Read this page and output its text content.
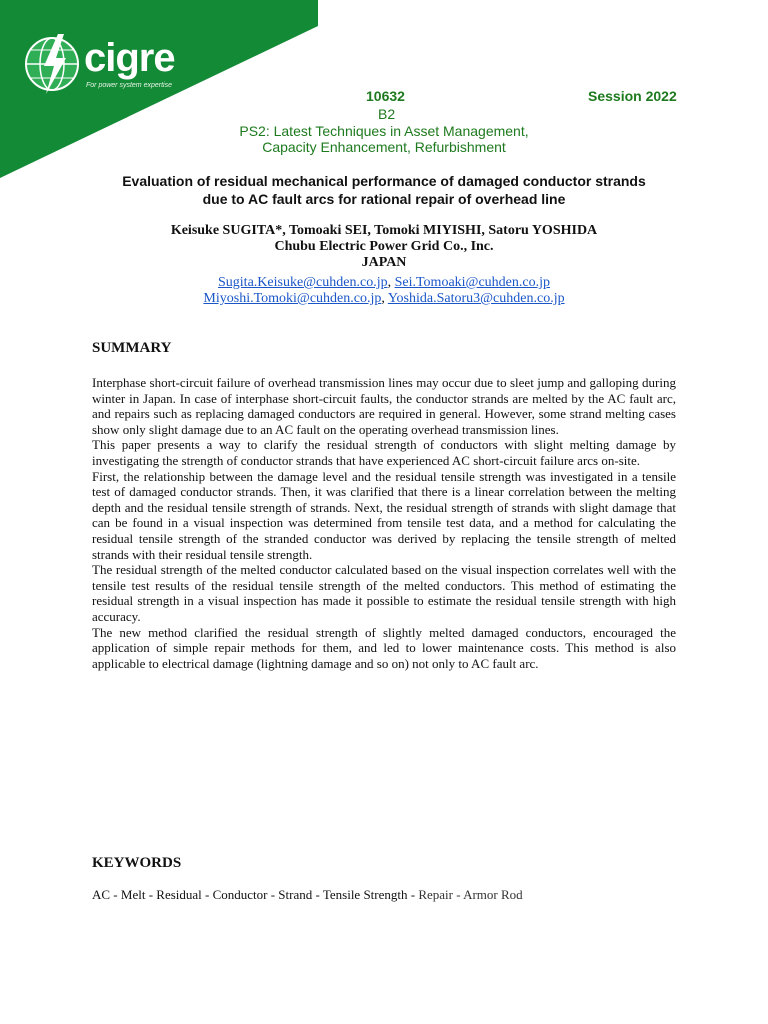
cigre
For power system expertise
10632	Session 2022
B2
PS2: Latest Techniques in Asset Management,
Capacity Enhancement, Refurbishment
Evaluation of residual mechanical performance of damaged conductor strands
due to AC fault arcs for rational repair of overhead line
Keisuke SUGITA*, Tomoaki SEI, Tomoki MIYISHI, Satoru YOSHIDA
Chubu Electric Power Grid Co., Inc.
JAPAN
Sugita.Keisuke@cuhden.co.jp, Sei.Tomoaki@cuhden.co.jp
Miyoshi.Tomoki@cuhden.co.jp, Yoshida.Satoru3@cuhden.co.jp
SUMMARY

Interphase short-circuit failure of overhead transmission lines may occur due to sleet jump and galloping during winter in Japan. In case of interphase short-circuit faults, the conductor strands are melted by the AC fault arc, and repairs such as replacing damaged conductors are required in general. However, some strand melting cases show only slight damage due to an AC fault on the operating overhead transmission lines.

This paper presents a way to clarify the residual strength of conductors with slight melting damage by investigating the strength of conductor strands that have experienced AC short-circuit failure arcs on-site.

First, the relationship between the damage level and the residual tensile strength was investigated in a tensile test of damaged conductor strands. Then, it was clarified that there is a linear correlation between the melting depth and the residual tensile strength of strands. Next, the residual strength of strands with slight damage that can be found in a visual inspection was determined from tensile test data, and a method for calculating the residual tensile strength of the stranded conductor was derived by replacing the tensile strength of melted strands with their residual tensile strength.

The residual strength of the melted conductor calculated based on the visual inspection correlates well with the tensile test results of the residual tensile strength of the melted conductors. This method of estimating the residual strength in a visual inspection has made it possible to estimate the residual tensile strength with high accuracy.

The new method clarified the residual strength of slightly melted damaged conductors, encouraged the application of simple repair methods for them, and led to lower maintenance costs. This method is also applicable to electrical damage (lightning damage and so on) not only to AC fault arc.

KEYWORDS
AC - Melt - Residual - Conductor - Strand - Tensile Strength - Repair - Armor Rod
